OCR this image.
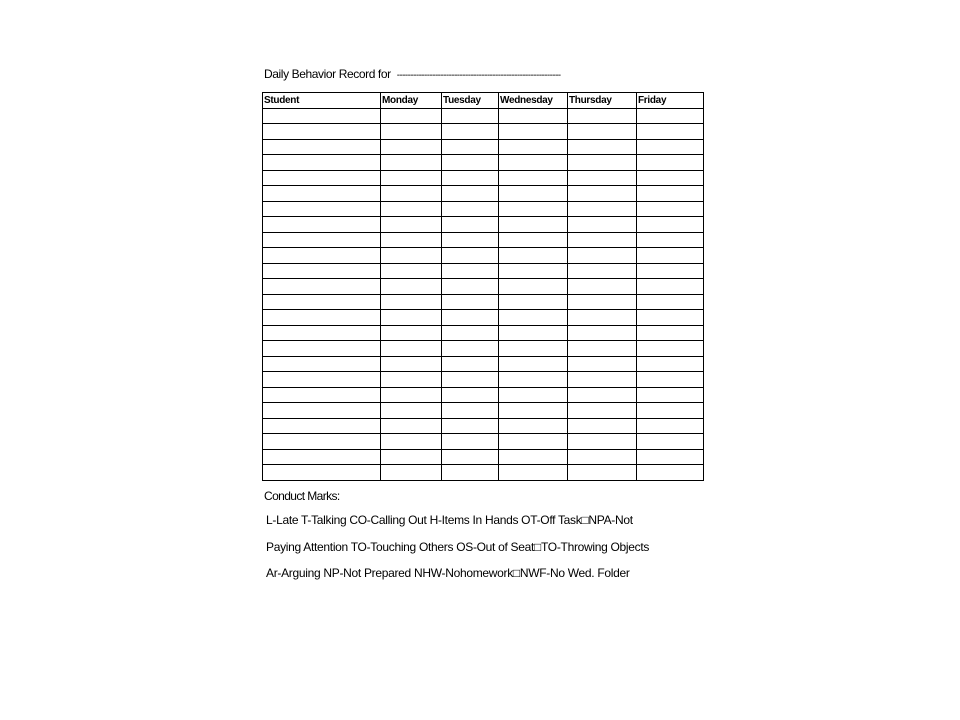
Daily Behavior Record for ------------------------------------------------------------
Student	Monday	Tuesday	Wednesday	Thursday	Friday

Conduct Marks:
L-Late T-Talking CO-Calling Out H-Items In Hands OT-Off Task□NPA-Not
Paying Attention TO-Touching Others OS-Out of Seat□TO-Throwing Objects
Ar-Arguing NP-Not Prepared NHW-Nohomework□NWF-No Wed. Folder
